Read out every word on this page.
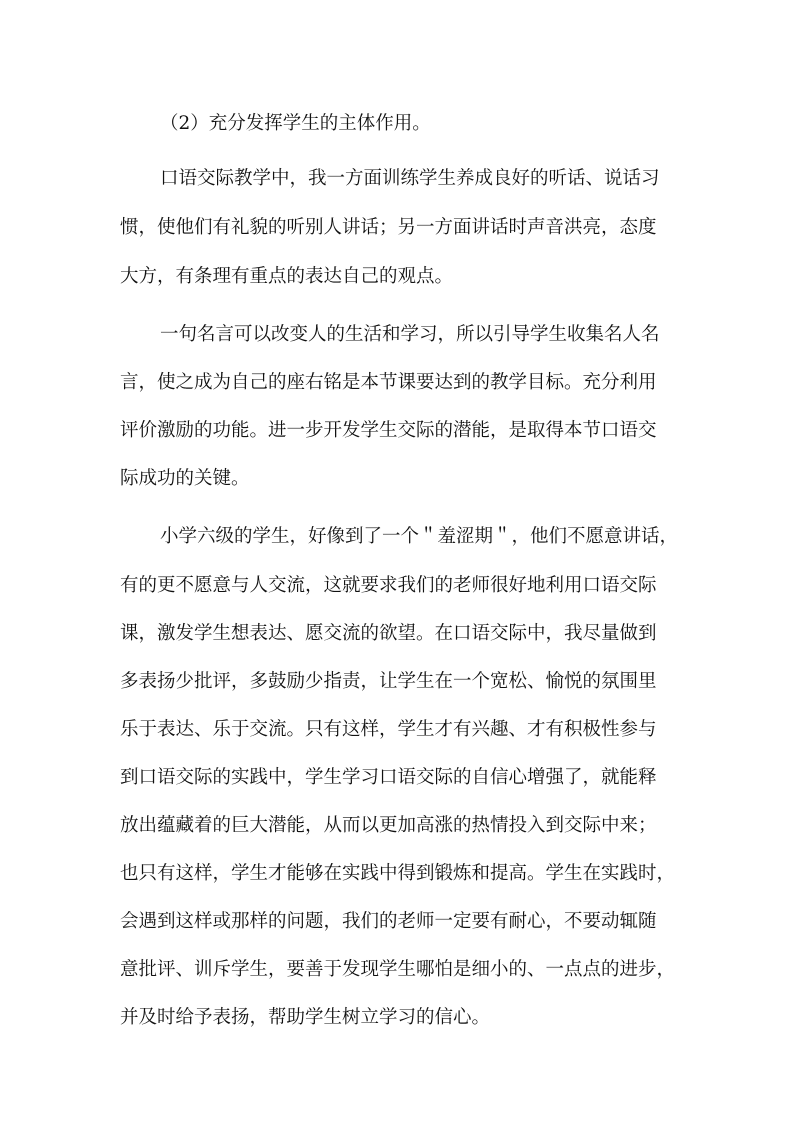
（2）充分发挥学生的主体作用。

口语交际教学中，我一方面训练学生养成良好的听话、说话习

惯，使他们有礼貌的听别人讲话；另一方面讲话时声音洪亮，态度

大方，有条理有重点的表达自己的观点。

一句名言可以改变人的生活和学习，所以引导学生收集名人名

言，使之成为自己的座右铭是本节课要达到的教学目标。充分利用

评价激励的功能。进一步开发学生交际的潜能，是取得本节口语交

际成功的关键。

小学六级的学生，好像到了一个＂羞涩期＂，他们不愿意讲话，

有的更不愿意与人交流，这就要求我们的老师很好地利用口语交际

课，激发学生想表达、愿交流的欲望。在口语交际中，我尽量做到

多表扬少批评，多鼓励少指责，让学生在一个宽松、愉悦的氛围里

乐于表达、乐于交流。只有这样，学生才有兴趣、才有积极性参与

到口语交际的实践中，学生学习口语交际的自信心增强了，就能释

放出蕴藏着的巨大潜能，从而以更加高涨的热情投入到交际中来；

也只有这样，学生才能够在实践中得到锻炼和提高。学生在实践时，

会遇到这样或那样的问题，我们的老师一定要有耐心，不要动辄随

意批评、训斥学生，要善于发现学生哪怕是细小的、一点点的进步，

并及时给予表扬，帮助学生树立学习的信心。
